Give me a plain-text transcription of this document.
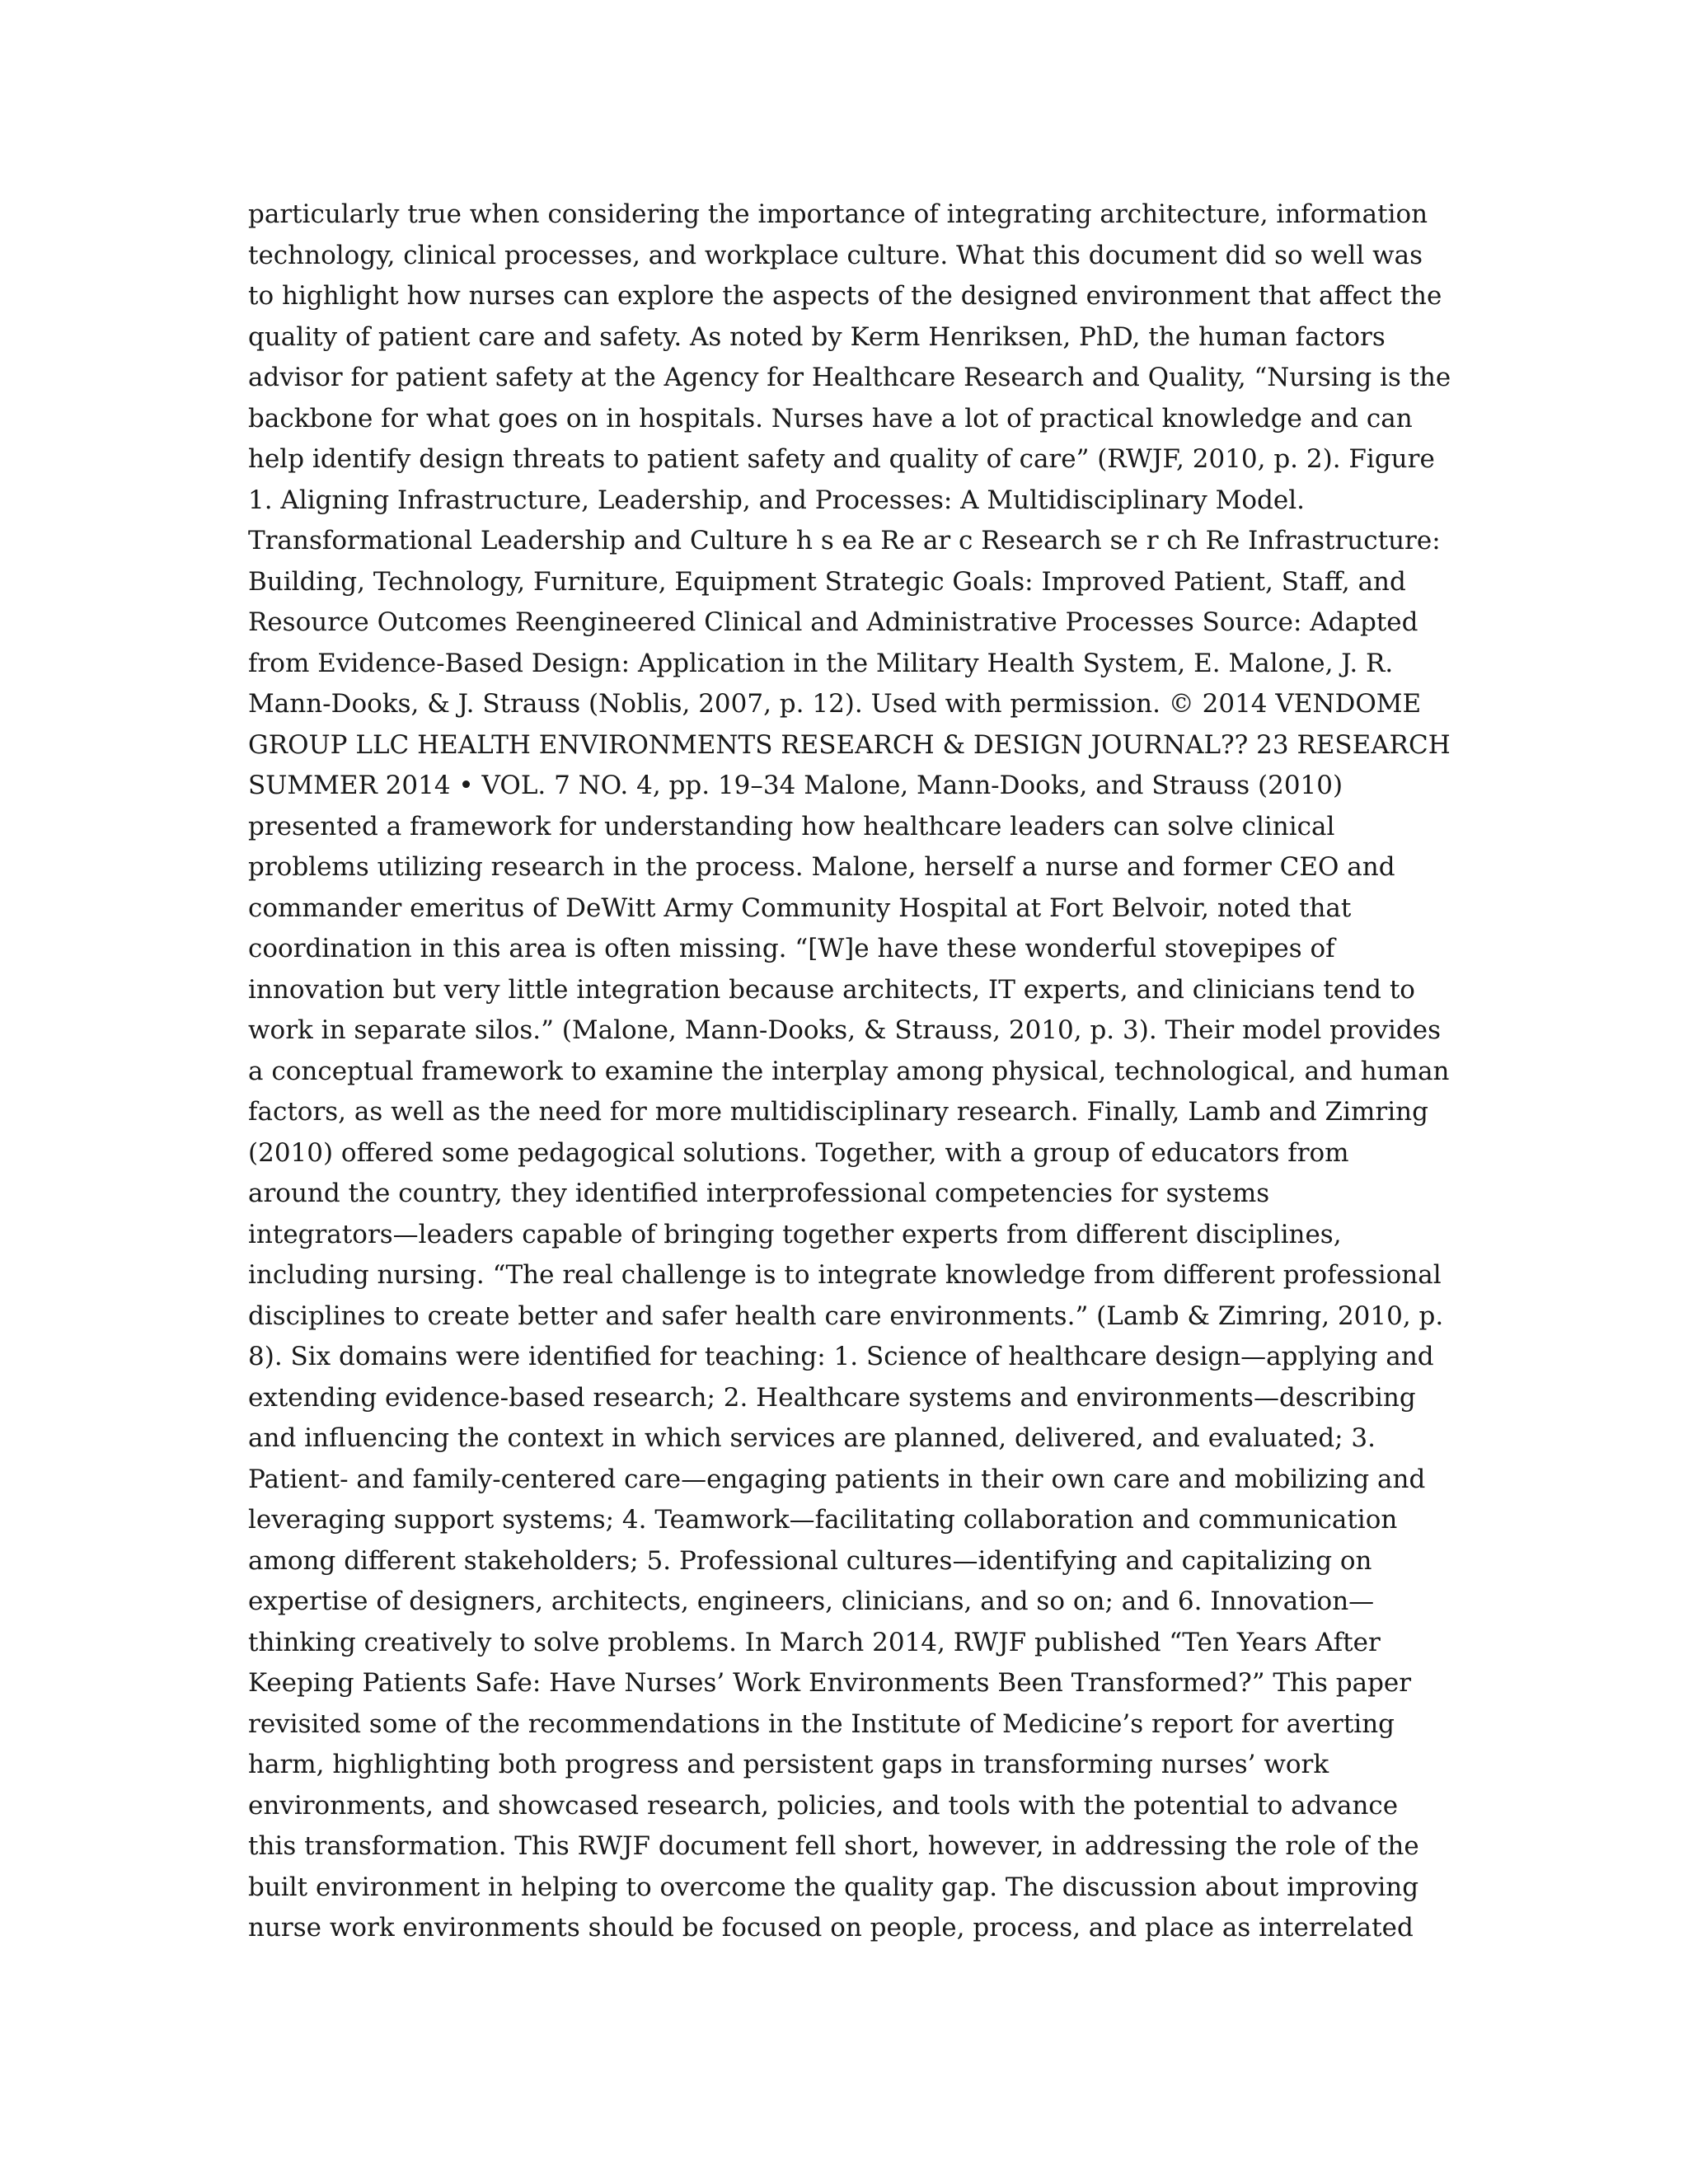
particularly true when considering the importance of integrating architecture, information
technology, clinical processes, and workplace culture. What this document did so well was
to highlight how nurses can explore the aspects of the designed environment that affect the
quality of patient care and safety. As noted by Kerm Henriksen, PhD, the human factors
advisor for patient safety at the Agency for Healthcare Research and Quality, “Nursing is the
backbone for what goes on in hospitals. Nurses have a lot of practical knowledge and can
help identify design threats to patient safety and quality of care” (RWJF, 2010, p. 2). Figure
1. Aligning Infrastructure, Leadership, and Processes: A Multidisciplinary Model.
Transformational Leadership and Culture h s ea Re ar c Research se r ch Re Infrastructure:
Building, Technology, Furniture, Equipment Strategic Goals: Improved Patient, Staff, and
Resource Outcomes Reengineered Clinical and Administrative Processes Source: Adapted
from Evidence-Based Design: Application in the Military Health System, E. Malone, J. R.
Mann-Dooks, & J. Strauss (Noblis, 2007, p. 12). Used with permission. © 2014 VENDOME
GROUP LLC HEALTH ENVIRONMENTS RESEARCH & DESIGN JOURNAL?? 23 RESEARCH
SUMMER 2014 • VOL. 7 NO. 4, pp. 19–34 Malone, Mann-Dooks, and Strauss (2010)
presented a framework for understanding how healthcare leaders can solve clinical
problems utilizing research in the process. Malone, herself a nurse and former CEO and
commander emeritus of DeWitt Army Community Hospital at Fort Belvoir, noted that
coordination in this area is often missing. “[W]e have these wonderful stovepipes of
innovation but very little integration because architects, IT experts, and clinicians tend to
work in separate silos.” (Malone, Mann-Dooks, & Strauss, 2010, p. 3). Their model provides
a conceptual framework to examine the interplay among physical, technological, and human
factors, as well as the need for more multidisciplinary research. Finally, Lamb and Zimring
(2010) offered some pedagogical solutions. Together, with a group of educators from
around the country, they identified interprofessional competencies for systems
integrators—leaders capable of bringing together experts from different disciplines,
including nursing. “The real challenge is to integrate knowledge from different professional
disciplines to create better and safer health care environments.” (Lamb & Zimring, 2010, p.
8). Six domains were identified for teaching: 1. Science of healthcare design—applying and
extending evidence-based research; 2. Healthcare systems and environments—describing
and influencing the context in which services are planned, delivered, and evaluated; 3.
Patient- and family-centered care—engaging patients in their own care and mobilizing and
leveraging support systems; 4. Teamwork—facilitating collaboration and communication
among different stakeholders; 5. Professional cultures—identifying and capitalizing on
expertise of designers, architects, engineers, clinicians, and so on; and 6. Innovation—
thinking creatively to solve problems. In March 2014, RWJF published “Ten Years After
Keeping Patients Safe: Have Nurses’ Work Environments Been Transformed?” This paper
revisited some of the recommendations in the Institute of Medicine’s report for averting
harm, highlighting both progress and persistent gaps in transforming nurses’ work
environments, and showcased research, policies, and tools with the potential to advance
this transformation. This RWJF document fell short, however, in addressing the role of the
built environment in helping to overcome the quality gap. The discussion about improving
nurse work environments should be focused on people, process, and place as interrelated
